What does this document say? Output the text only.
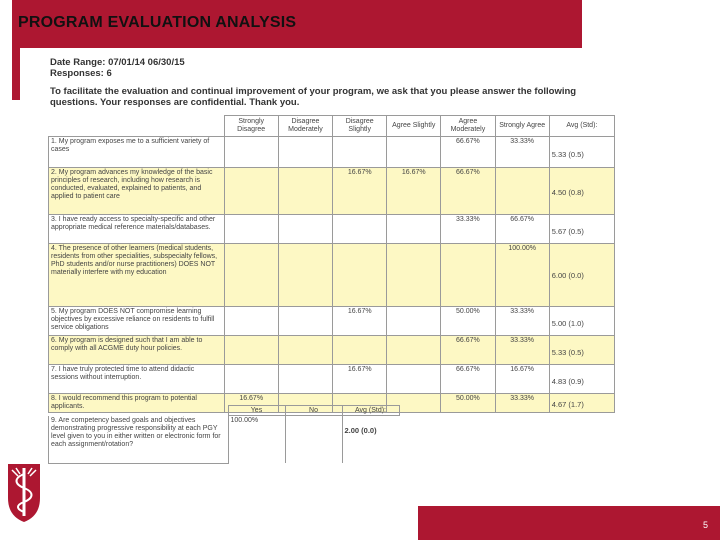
PROGRAM EVALUATION ANALYSIS
Date Range: 07/01/14 06/30/15
Responses: 6
To facilitate the evaluation and continual improvement of your program, we ask that you please answer the following questions. Your responses are confidential. Thank you.
	Strongly Disagree	Disagree Moderately	Disagree Slightly	Agree Slightly	Agree Moderately	Strongly Agree	Avg (Std):
1. My program exposes me to a sufficient variety of cases					66.67%	33.33%	5.33 (0.5)
2. My program advances my knowledge of the basic principles of research, including how research is conducted, evaluated, explained to patients, and applied to patient care			16.67%	16.67%	66.67%		4.50 (0.8)
3. I have ready access to specialty-specific and other appropriate medical reference materials/databases.					33.33%	66.67%	5.67 (0.5)
4. The presence of other learners (medical students, residents from other specialities, subspecialty fellows, PhD students and/or nurse practitioners) DOES NOT materially interfere with my education						100.00%	6.00 (0.0)
5. My program DOES NOT compromise learning objectives by excessive reliance on residents to fulfill service obligations			16.67%		50.00%	33.33%	5.00 (1.0)
6. My program is designed such that I am able to comply with all ACGME duty hour policies.					66.67%	33.33%	5.33 (0.5)
7. I have truly protected time to attend didactic sessions without interruption.			16.67%		66.67%	16.67%	4.83 (0.9)
8. I would recommend this program to potential applicants.	16.67%				50.00%	33.33%	4.67 (1.7)
	Yes	No	Avg (Std):
9. Are competency based goals and objectives demonstrating progressive responsibility at each PGY level given to you in either written or electronic form for each assignment/rotation?	100.00%		2.00 (0.0)
5
